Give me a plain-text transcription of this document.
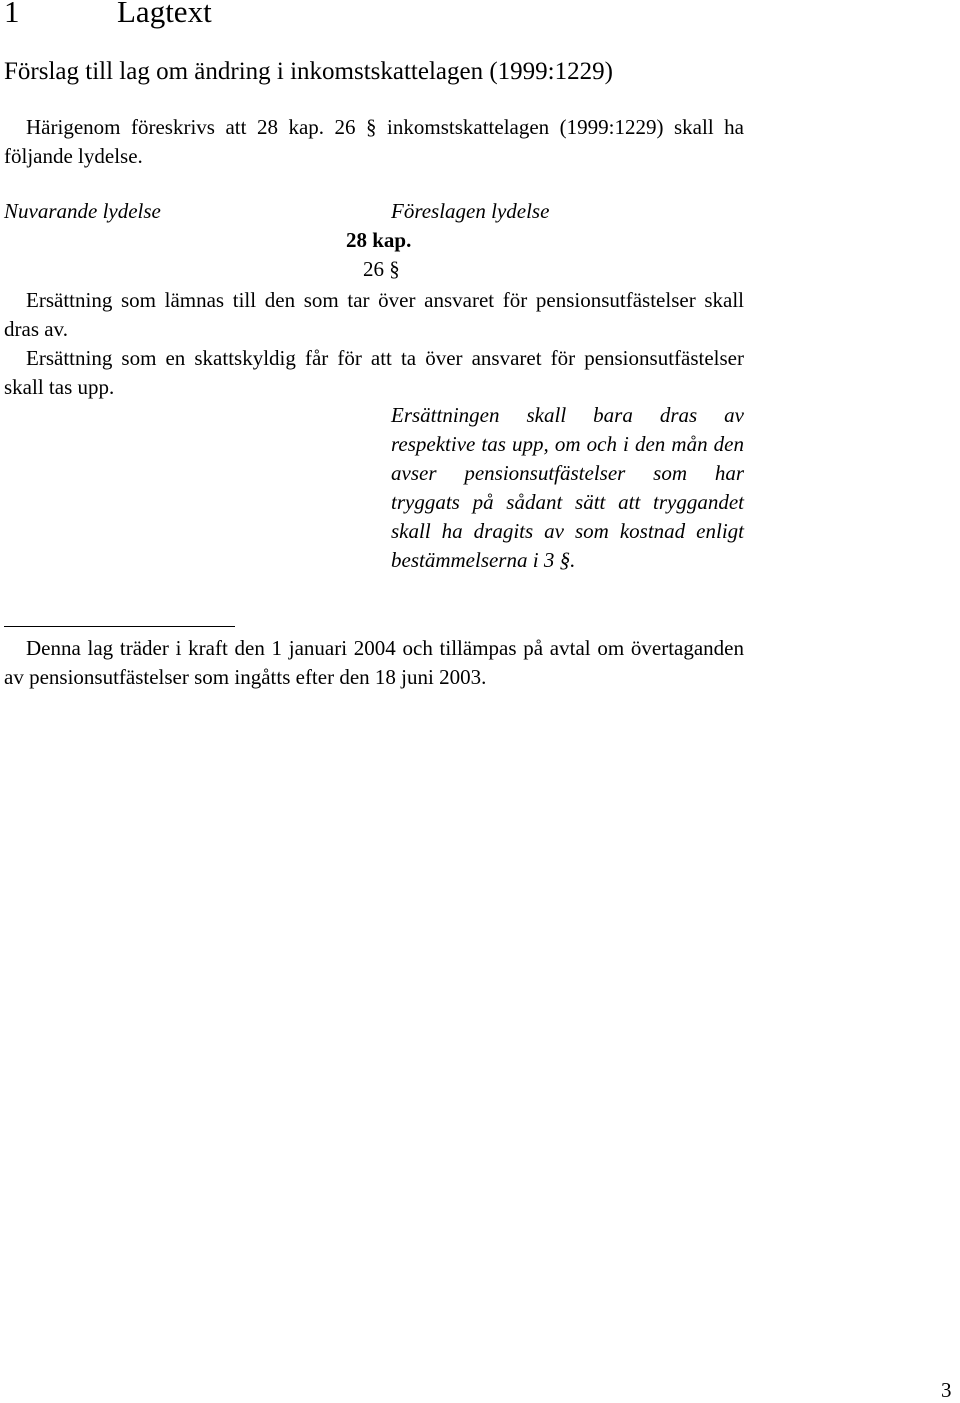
1	Lagtext
Förslag till lag om ändring i inkomstskattelagen (1999:1229)
Härigenom föreskrivs att 28 kap. 26 § inkomstskattelagen (1999:1229) skall ha följande lydelse.
Nuvarande lydelse	Föreslagen lydelse
28 kap.
26 §
Ersättning som lämnas till den som tar över ansvaret för pensionsutfästelser skall dras av.
Ersättning som en skattskyldig får för att ta över ansvaret för pensionsutfästelser skall tas upp.
Ersättningen skall bara dras av respektive tas upp, om och i den mån den avser pensionsutfästelser som har tryggats på sådant sätt att tryggandet skall ha dragits av som kostnad enligt bestämmelserna i 3 §.
Denna lag träder i kraft den 1 januari 2004 och tillämpas på avtal om övertaganden av pensionsutfästelser som ingåtts efter den 18 juni 2003.
3
